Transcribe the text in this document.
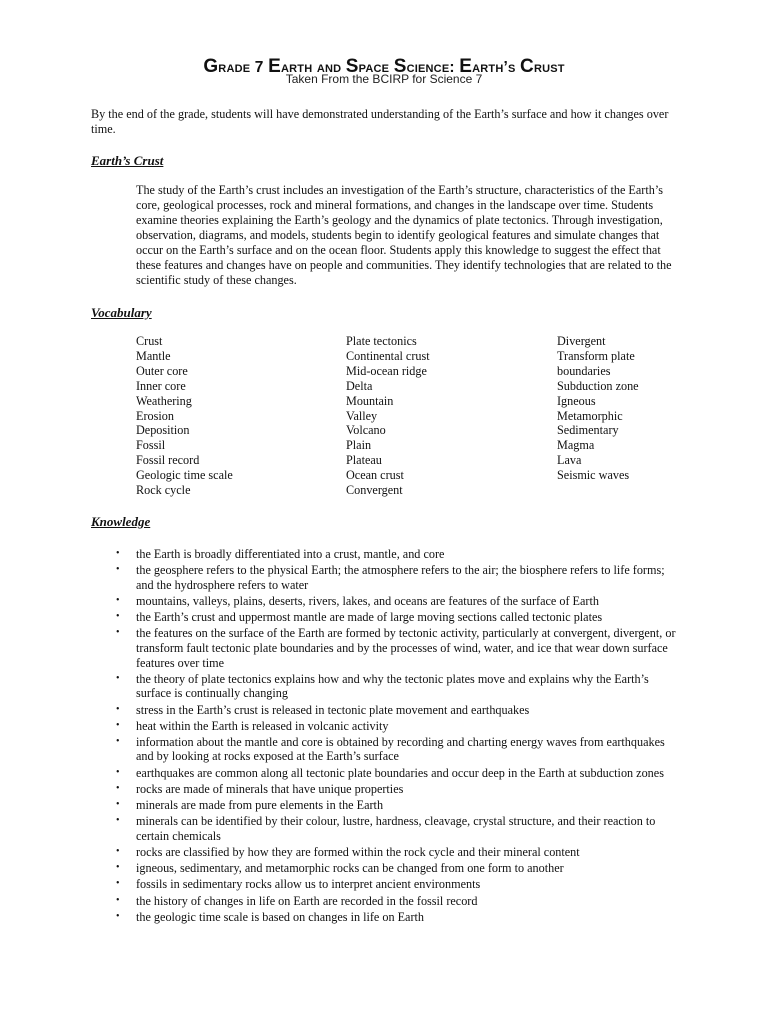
Grade 7 Earth and Space Science: Earth’s Crust
Taken From the BCIRP for Science 7

By the end of the grade, students will have demonstrated understanding of the Earth’s surface and how it changes over time.

Earth’s Crust

The study of the Earth’s crust includes an investigation of the Earth’s structure, characteristics of the Earth’s core, geological processes, rock and mineral formations, and changes in the landscape over time. Students examine theories explaining the Earth’s geology and the dynamics of plate tectonics. Through investigation, observation, diagrams, and models, students begin to identify geological features and simulate changes that occur on the Earth’s surface and on the ocean floor. Students apply this knowledge to suggest the effect that these features and changes have on people and communities. They identify technologies that are related to the scientific study of these changes.

Vocabulary
Crust
Mantle
Outer core
Inner core
Weathering
Erosion
Deposition
Fossil
Fossil record
Geologic time scale
Rock cycle
Plate tectonics
Continental crust
Mid-ocean ridge
Delta
Mountain
Valley
Volcano
Plain
Plateau
Ocean crust
Convergent
Divergent
Transform plate
boundaries
Subduction zone
Igneous
Metamorphic
Sedimentary
Magma
Lava
Seismic waves
Knowledge
• the Earth is broadly differentiated into a crust, mantle, and core
• the geosphere refers to the physical Earth; the atmosphere refers to the air; the biosphere refers to life forms; and the hydrosphere refers to water
• mountains, valleys, plains, deserts, rivers, lakes, and oceans are features of the surface of Earth
• the Earth’s crust and uppermost mantle are made of large moving sections called tectonic plates
• the features on the surface of the Earth are formed by tectonic activity, particularly at convergent, divergent, or transform fault tectonic plate boundaries and by the processes of wind, water, and ice that wear down surface features over time
• the theory of plate tectonics explains how and why the tectonic plates move and explains why the Earth’s surface is continually changing
• stress in the Earth’s crust is released in tectonic plate movement and earthquakes
• heat within the Earth is released in volcanic activity
• information about the mantle and core is obtained by recording and charting energy waves from earthquakes and by looking at rocks exposed at the Earth’s surface
• earthquakes are common along all tectonic plate boundaries and occur deep in the Earth at subduction zones
• rocks are made of minerals that have unique properties
• minerals are made from pure elements in the Earth
• minerals can be identified by their colour, lustre, hardness, cleavage, crystal structure, and their reaction to certain chemicals
• rocks are classified by how they are formed within the rock cycle and their mineral content
• igneous, sedimentary, and metamorphic rocks can be changed from one form to another
• fossils in sedimentary rocks allow us to interpret ancient environments
• the history of changes in life on Earth are recorded in the fossil record
• the geologic time scale is based on changes in life on Earth
